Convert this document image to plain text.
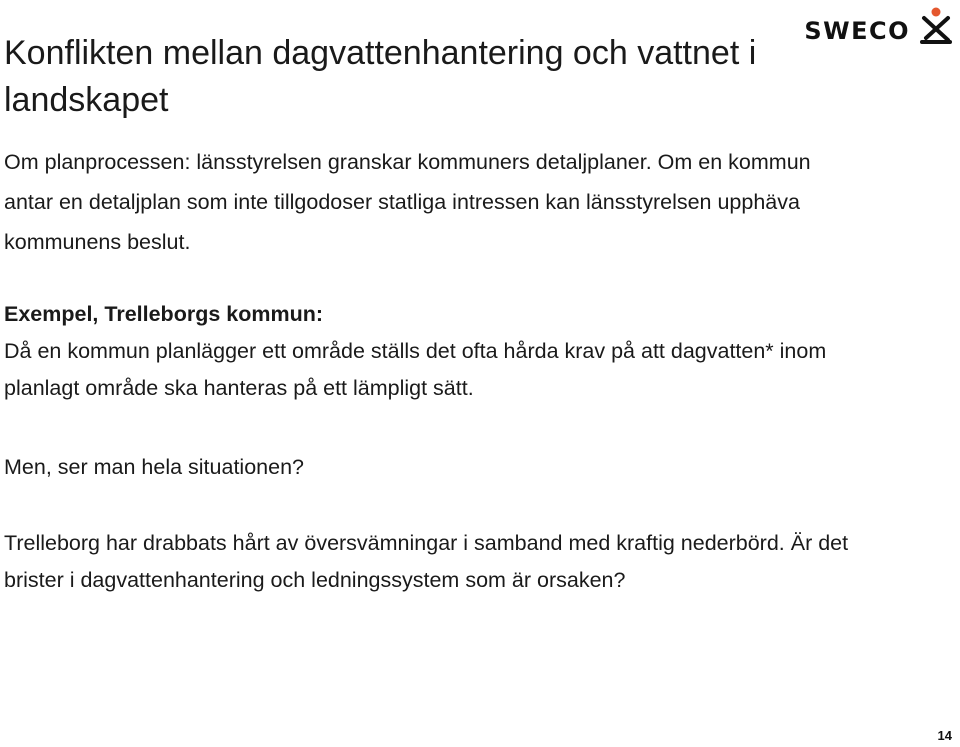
Konflikten mellan dagvattenhantering och vattnet i landskapet
SWECO

Om planprocessen: länsstyrelsen granskar kommuners detaljplaner. Om en kommun antar en detaljplan som inte tillgodoser statliga intressen kan länsstyrelsen upphäva kommunens beslut.

Exempel, Trelleborgs kommun:

Då en kommun planlägger ett område ställs det ofta hårda krav på att dagvatten* inom planlagt område ska hanteras på ett lämpligt sätt.

Men, ser man hela situationen?

Trelleborg har drabbats hårt av översvämningar i samband med kraftig nederbörd. Är det brister i dagvattenhantering och ledningssystem som är orsaken?

14
